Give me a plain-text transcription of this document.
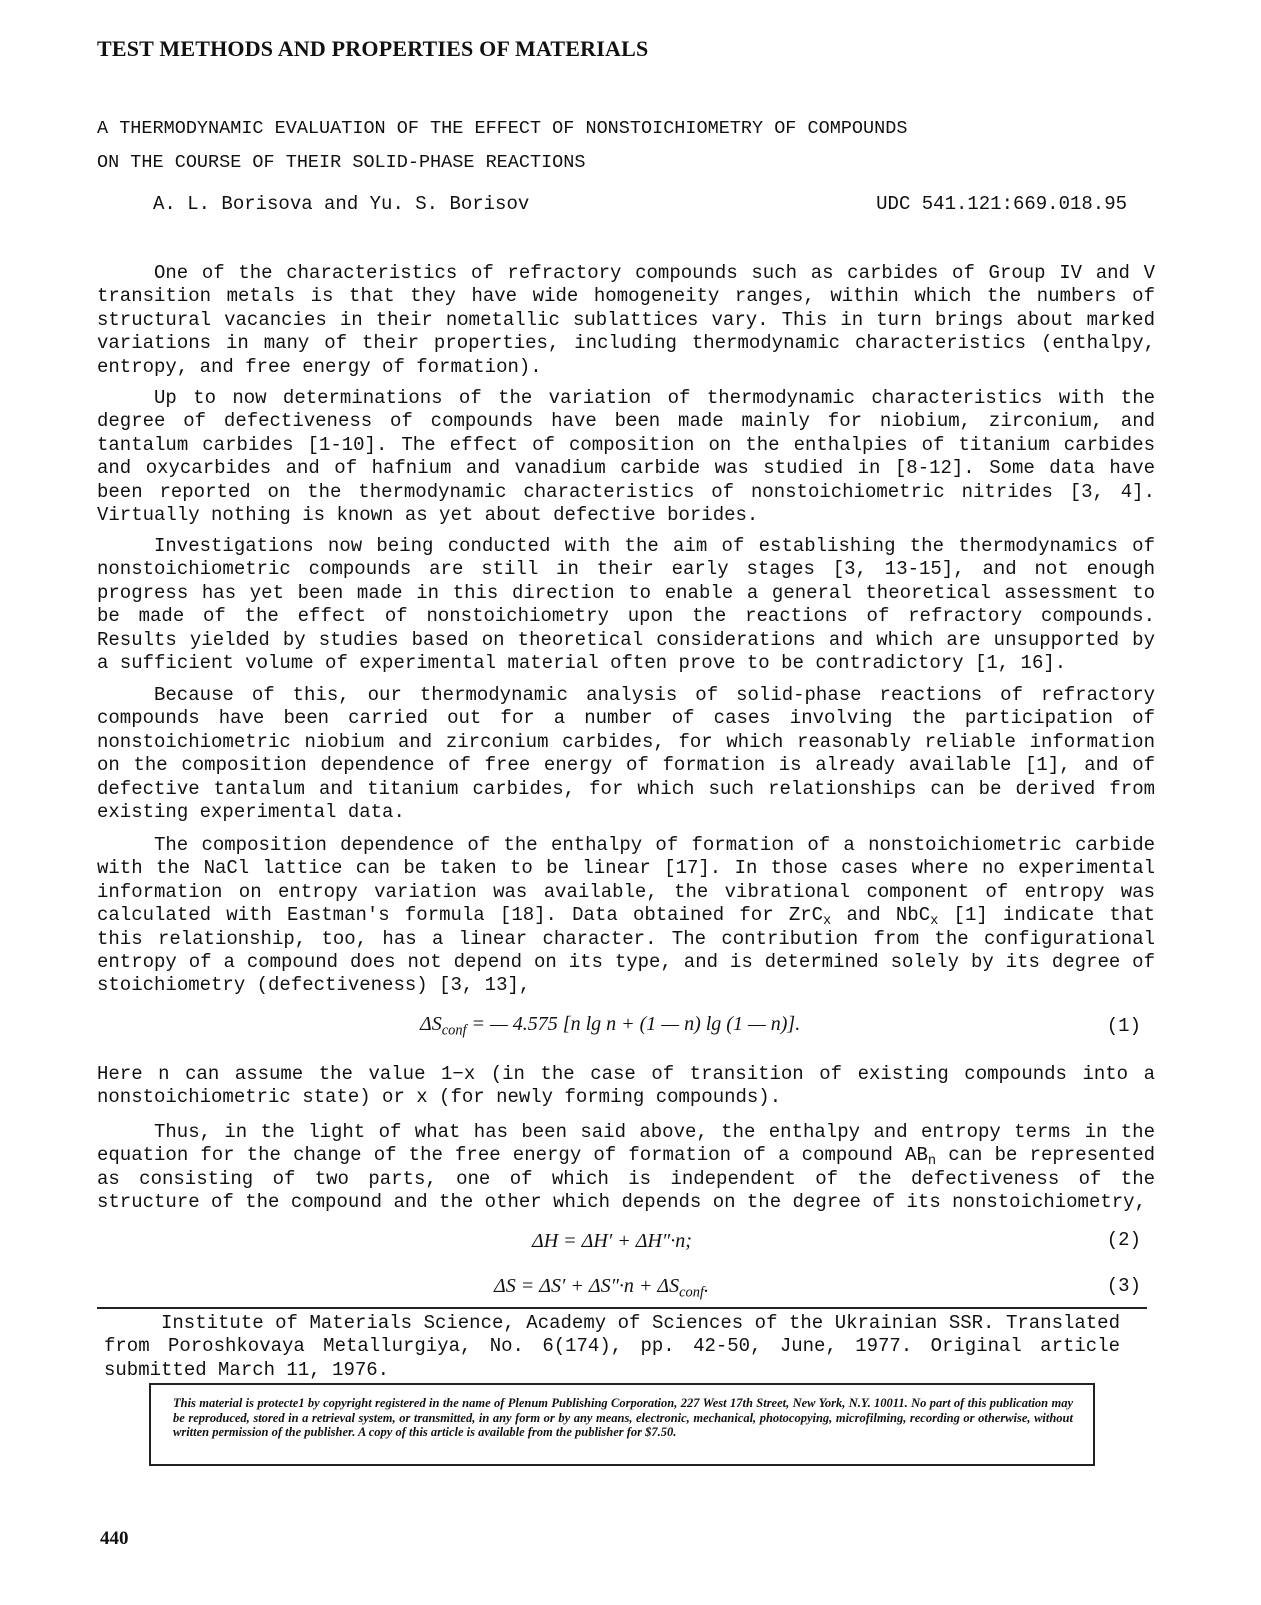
TEST METHODS AND PROPERTIES OF MATERIALS
A THERMODYNAMIC EVALUATION OF THE EFFECT OF NONSTOICHIOMETRY OF COMPOUNDS
ON THE COURSE OF THEIR SOLID-PHASE REACTIONS
A. L. Borisova and Yu. S. Borisov	UDC 541.121:669.018.95

One of the characteristics of refractory compounds such as carbides of Group IV and V transition metals is that they have wide homogeneity ranges, within which the numbers of structural vacancies in their nometallic sublattices vary. This in turn brings about marked variations in many of their properties, including thermodynamic characteristics (enthalpy, entropy, and free energy of formation).

Up to now determinations of the variation of thermodynamic characteristics with the degree of defectiveness of compounds have been made mainly for niobium, zirconium, and tantalum carbides [1-10]. The effect of composition on the enthalpies of titanium carbides and oxycarbides and of hafnium and vanadium carbide was studied in [8-12]. Some data have been reported on the thermodynamic characteristics of nonstoichiometric nitrides [3, 4]. Virtually nothing is known as yet about defective borides.

Investigations now being conducted with the aim of establishing the thermodynamics of nonstoichiometric compounds are still in their early stages [3, 13-15], and not enough progress has yet been made in this direction to enable a general theoretical assessment to be made of the effect of nonstoichiometry upon the reactions of refractory compounds. Results yielded by studies based on theoretical considerations and which are unsupported by a sufficient volume of experimental material often prove to be contradictory [1, 16].

Because of this, our thermodynamic analysis of solid-phase reactions of refractory compounds have been carried out for a number of cases involving the participation of nonstoichiometric niobium and zirconium carbides, for which reasonably reliable information on the composition dependence of free energy of formation is already available [1], and of defective tantalum and titanium carbides, for which such relationships can be derived from existing experimental data.

The composition dependence of the enthalpy of formation of a nonstoichiometric carbide with the NaCl lattice can be taken to be linear [17]. In those cases where no experimental information on entropy variation was available, the vibrational component of entropy was calculated with Eastman's formula [18]. Data obtained for ZrC$_x$ and NbC$_x$ [1] indicate that this relationship, too, has a linear character. The contribution from the configurational entropy of a compound does not depend on its type, and is determined solely by its degree of stoichiometry (defectiveness) [3, 13],

$\Delta S_{conf}$ = — 4.575 [n lg n + (1 — n) lg (1 — n)].	(1)

Here n can assume the value 1−x (in the case of transition of existing compounds into a nonstoichiometric state) or x (for newly forming compounds).

Thus, in the light of what has been said above, the enthalpy and entropy terms in the equation for the change of the free energy of formation of a compound $AB_n$ can be represented as consisting of two parts, one of which is independent of the defectiveness of the structure of the compound and the other which depends on the degree of its nonstoichiometry,

ΔH = ΔH′ + ΔH″·n;	(2)
$\Delta S = \Delta S' + \Delta S''\cdot n + \Delta S_{conf}$.	(3)

Institute of Materials Science, Academy of Sciences of the Ukrainian SSR. Translated from Poroshkovaya Metallurgiya, No. 6(174), pp. 42-50, June, 1977. Original article submitted March 11, 1976.

This material is protecte1 by copyright registered in the name of Plenum Publishing Corporation, 227 West 17th Street, New York, N.Y. 10011. No part of this publication may be reproduced, stored in a retrieval system, or transmitted, in any form or by any means, electronic, mechanical, photocopying, microfilming, recording or otherwise, without written permission of the publisher. A copy of this article is available from the publisher for $7.50.
440
